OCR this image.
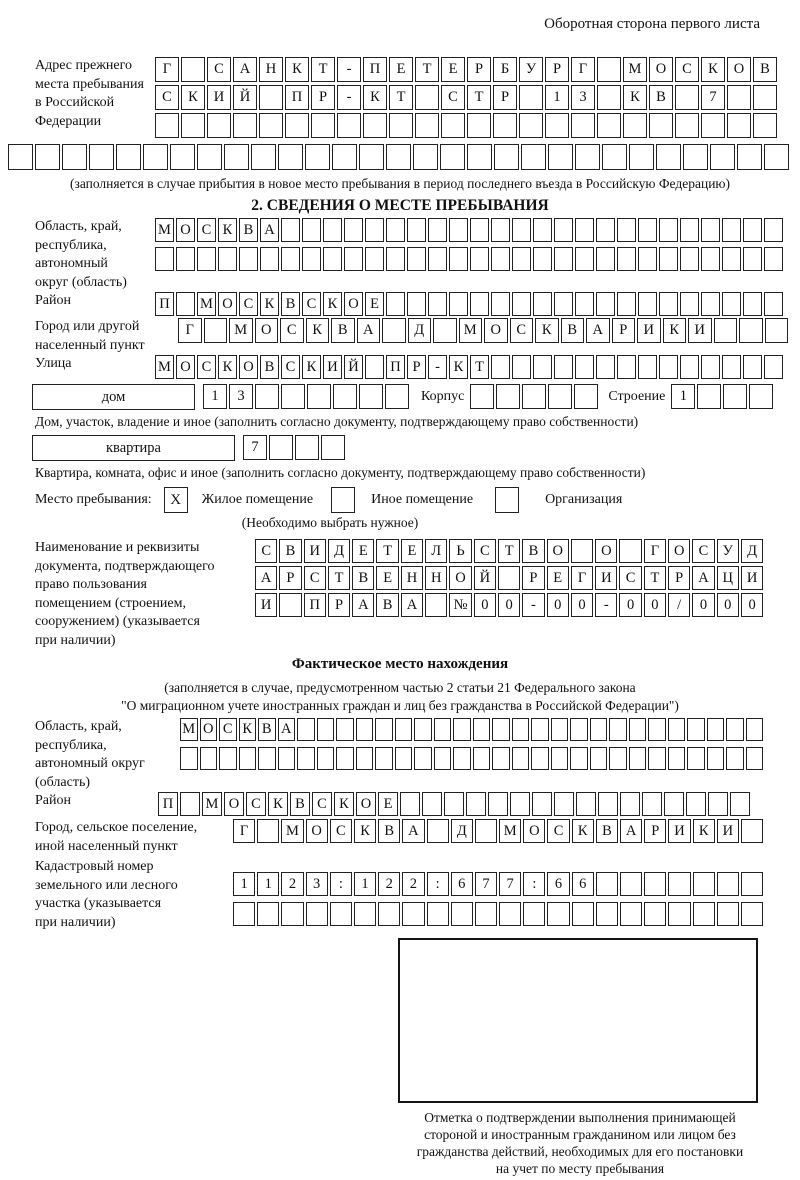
Оборотная сторона первого листа
Адрес прежнего
места пребывания
в Российской
Федерации
Г	С	А	Н	К	Т	-	П	Е	Т	Е	Р	Б	У	Р	Г	М О	С	К	О	В
С	К	И	Й	П	Р	-	К	Т	С	Т	Р	1	3	К	В	7
(заполняется в случае прибытия в новое место пребывания в период последнего въезда в Российскую Федерацию)
2. СВЕДЕНИЯ О МЕСТЕ ПРЕБЫВАНИЯ
Область, край,
республика,
автономный
округ (область)
М О С К В А
Район	П М О С К В С К О Е
Город или другой
населенный пункт
Г	М О	С	К	В	А	Д	М О	С	К	В	А	Р	И	К	И
Улица	М О С К О В С К И Й П Р	- К Т
дом	1	3	Корпус	Строение 1
Дом, участок, владение и иное (заполнить согласно документу, подтверждающему право собственности)
квартира	7
Квартира, комната, офис и иное (заполнить согласно документу, подтверждающему право собственности)
Место пребывания:	X	Жилое помещение	Иное помещение	Организация
(Необходимо выбрать нужное)
Наименование и реквизиты
документа, подтверждающего
право пользования
помещением (строением,
сооружением) (указывается
при наличии)
С	В И Д	Е	Т	Е	Л	Ь	С	Т	В О	О	Г	О С У Д
А	Р	С	Т	В	Е	Н Н О Й	Р	Е	Г	И С	Т	Р	А Ц И
И	П	Р	А В А	№ 0	0	-	0	0	-	0	0	/	0	0	0
Фактическое место нахождения
(заполняется в случае, предусмотренном частью 2 статьи 21 Федерального закона
"О миграционном учете иностранных граждан и лиц без гражданства в Российской Федерации")
Область, край,
республика,
автономный округ
(область)
М О С К В А
Район	П	М О С К В С К О Е
Город, сельское поселение,
иной населенный пункт
Г	М О С	К	В А	Д	М О С	К	В А	Р	И К И
Кадастровый номер
земельного или лесного
участка (указывается
при наличии)
1	1	2	3	:	1	2	2	:	6	7	7	:	6	6
Отметка о подтверждении выполнения принимающей
стороной и иностранным гражданином или лицом без
гражданства действий, необходимых для его постановки
на учет по месту пребывания
